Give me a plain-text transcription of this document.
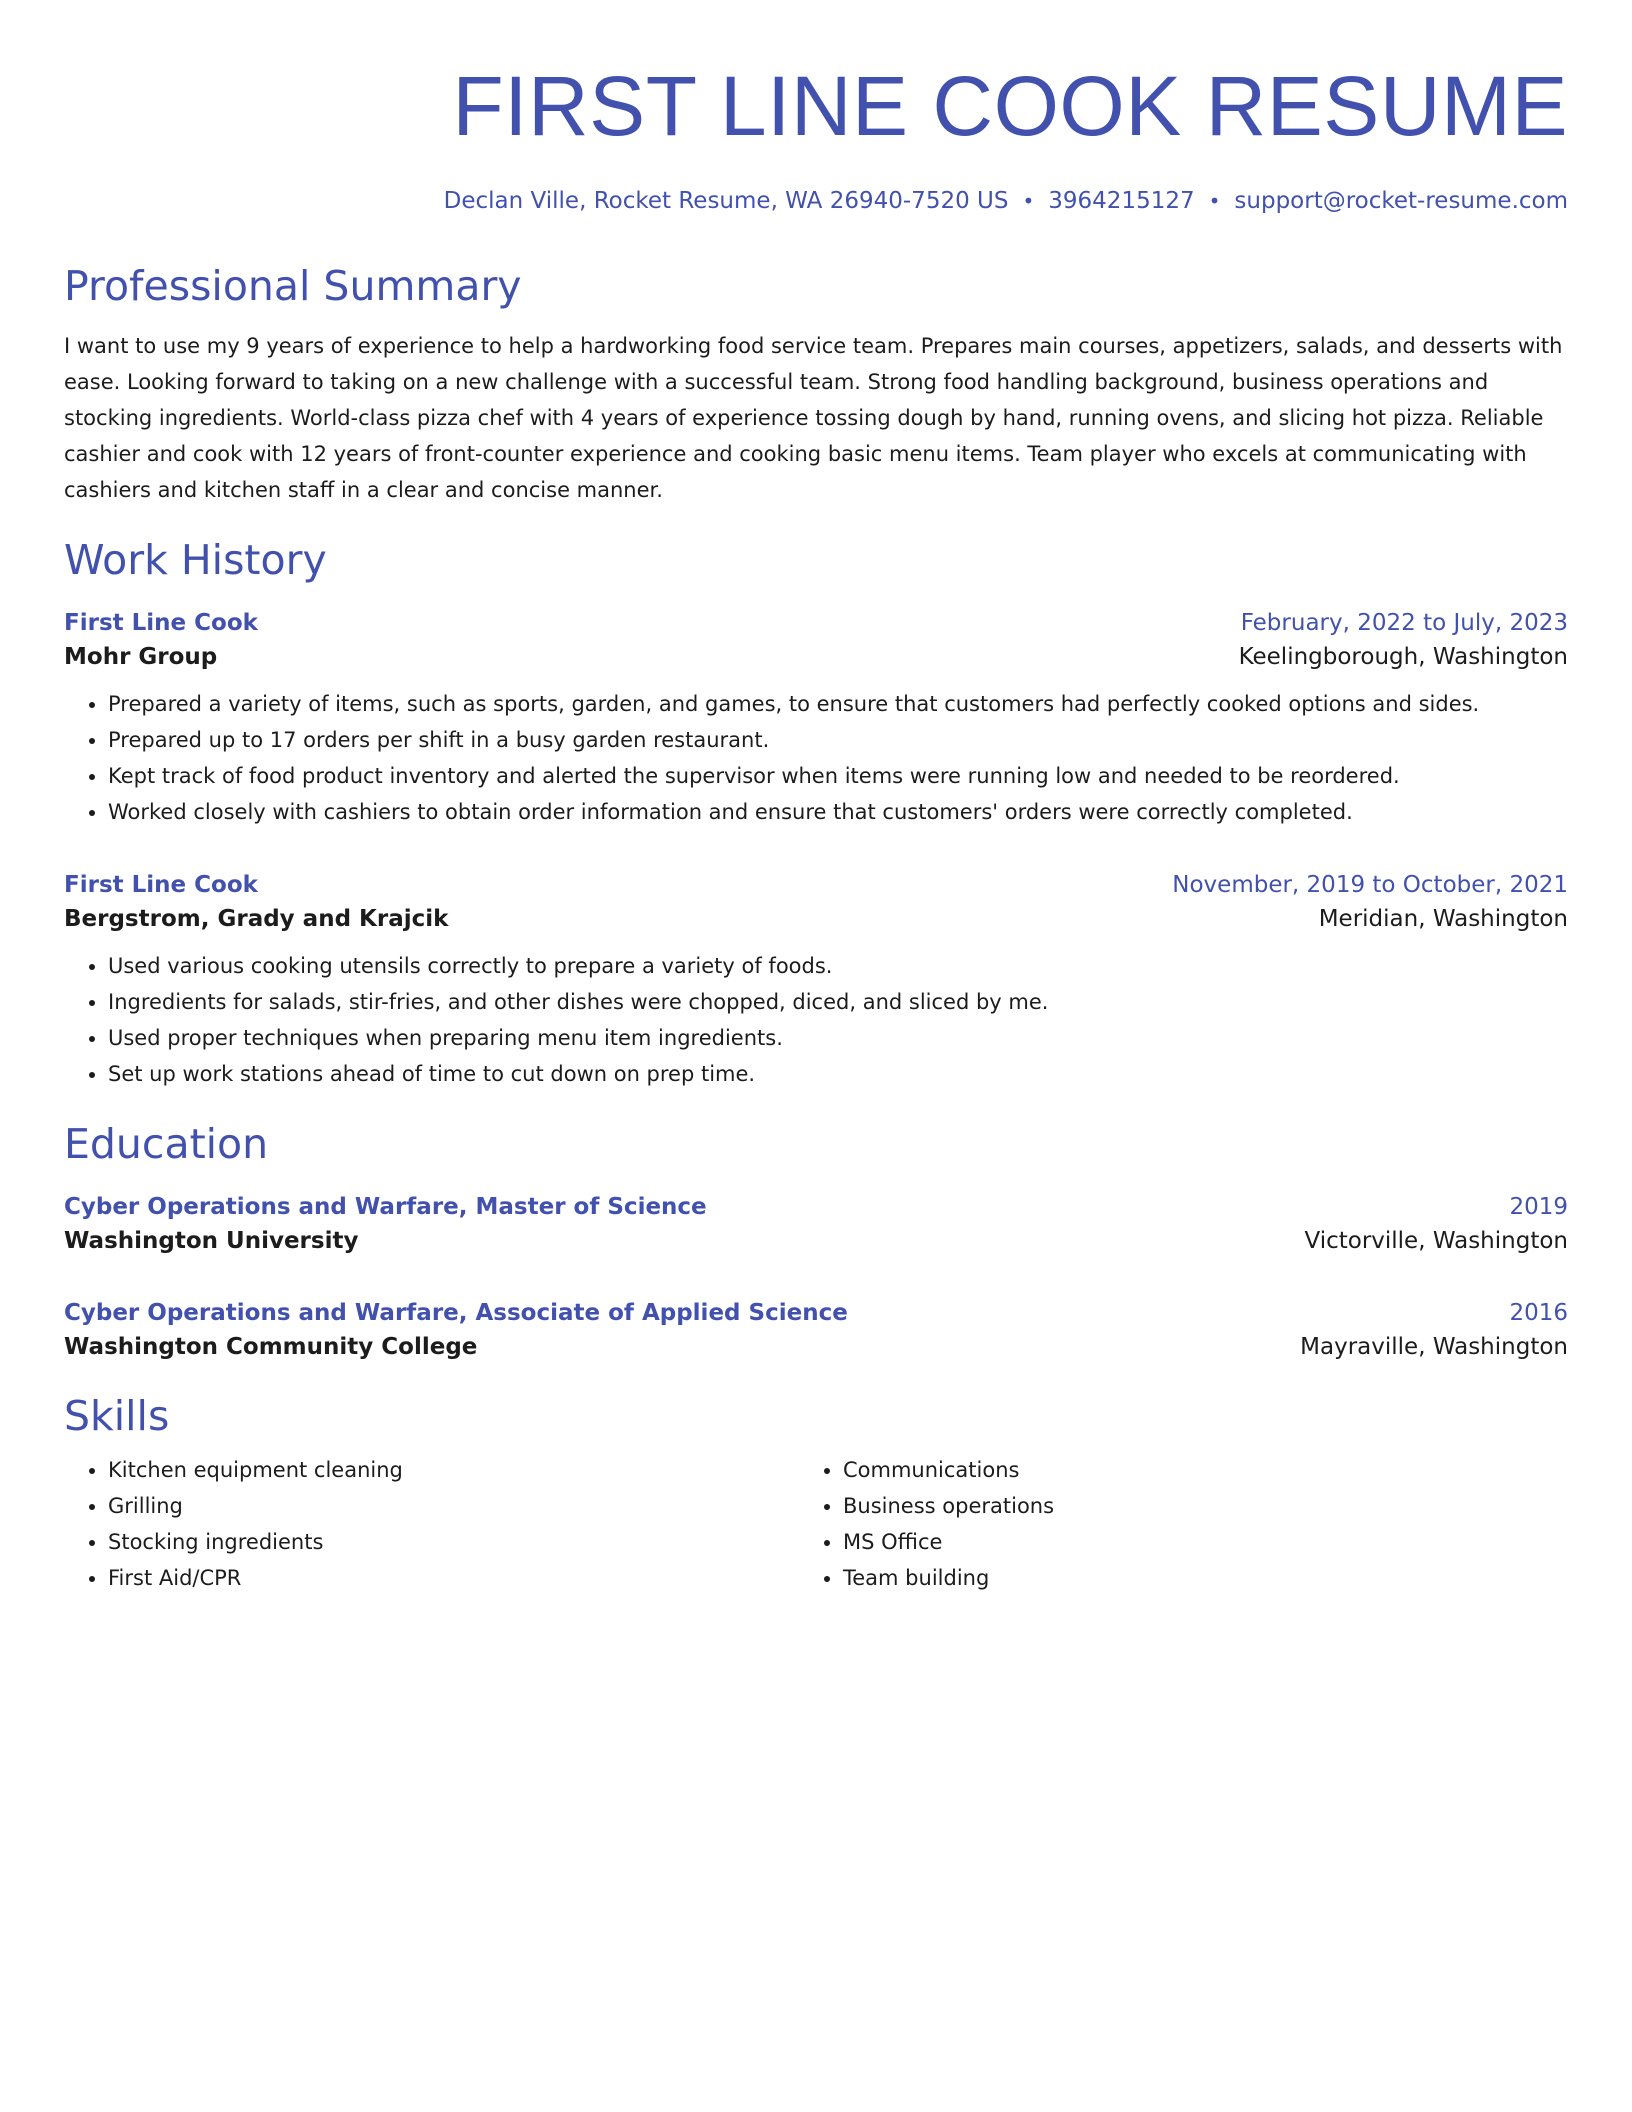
FIRST LINE COOK RESUME
Declan Ville, Rocket Resume, WA 26940-7520 US • 3964215127 • support@rocket-resume.com
Professional Summary
I want to use my 9 years of experience to help a hardworking food service team. Prepares main courses, appetizers, salads, and desserts with ease. Looking forward to taking on a new challenge with a successful team. Strong food handling background, business operations and stocking ingredients. World-class pizza chef with 4 years of experience tossing dough by hand, running ovens, and slicing hot pizza. Reliable cashier and cook with 12 years of front-counter experience and cooking basic menu items. Team player who excels at communicating with cashiers and kitchen staff in a clear and concise manner.
Work History
First Line Cook	February, 2022 to July, 2023
Mohr Group	Keelingborough, Washington
• Prepared a variety of items, such as sports, garden, and games, to ensure that customers had perfectly cooked options and sides.
• Prepared up to 17 orders per shift in a busy garden restaurant.
• Kept track of food product inventory and alerted the supervisor when items were running low and needed to be reordered.
• Worked closely with cashiers to obtain order information and ensure that customers' orders were correctly completed.
First Line Cook	November, 2019 to October, 2021
Bergstrom, Grady and Krajcik	Meridian, Washington
• Used various cooking utensils correctly to prepare a variety of foods.
• Ingredients for salads, stir-fries, and other dishes were chopped, diced, and sliced by me.
• Used proper techniques when preparing menu item ingredients.
• Set up work stations ahead of time to cut down on prep time.
Education
Cyber Operations and Warfare, Master of Science	2019
Washington University	Victorville, Washington
Cyber Operations and Warfare, Associate of Applied Science	2016
Washington Community College	Mayraville, Washington
Skills
• Kitchen equipment cleaning
• Grilling
• Stocking ingredients
• First Aid/CPR
• Communications
• Business operations
• MS Office
• Team building
